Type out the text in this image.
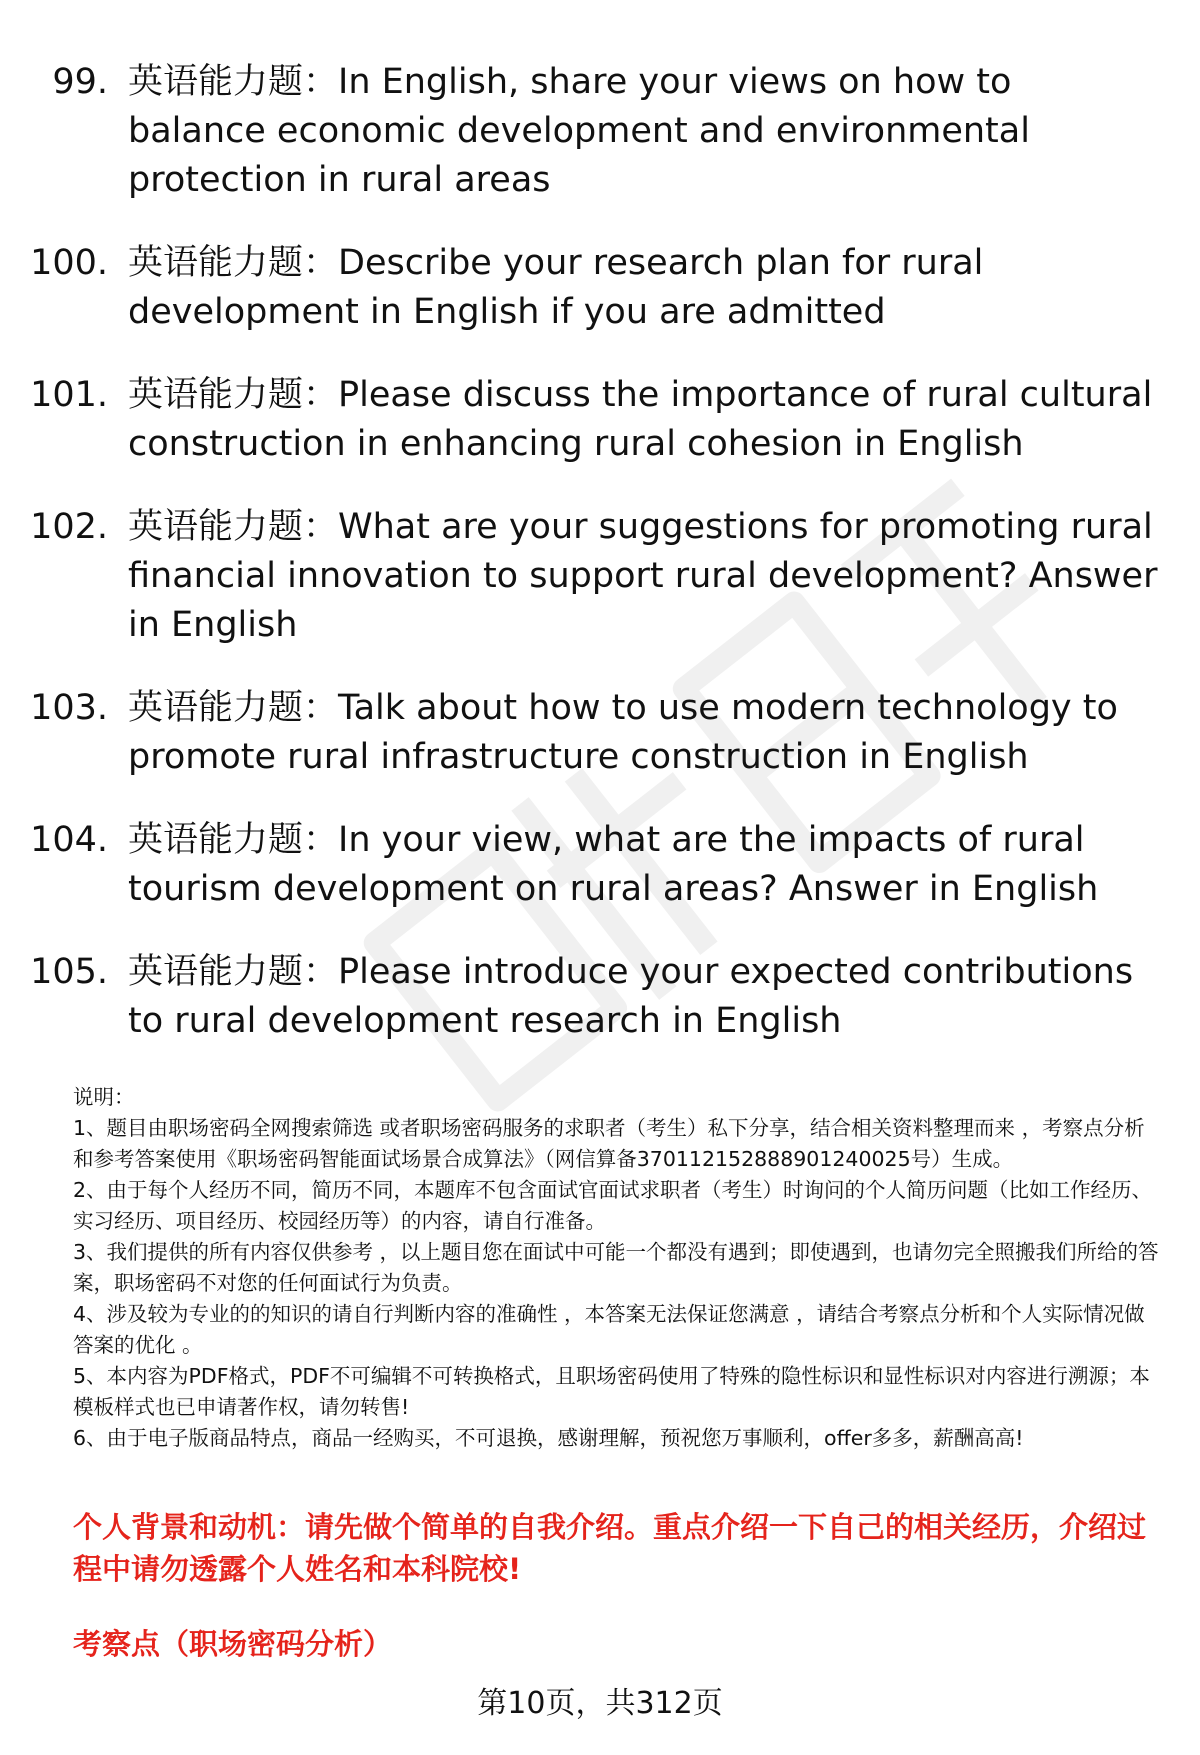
99. 英语能力题：In English, share your views on how to balance economic development and environmental protection in rural areas
100. 英语能力题：Describe your research plan for rural development in English if you are admitted
101. 英语能力题：Please discuss the importance of rural cultural construction in enhancing rural cohesion in English
102. 英语能力题：What are your suggestions for promoting rural financial innovation to support rural development? Answer in English
103. 英语能力题：Talk about how to use modern technology to promote rural infrastructure construction in English
104. 英语能力题：In your view, what are the impacts of rural tourism development on rural areas? Answer in English
105. 英语能力题：Please introduce your expected contributions to rural development research in English

说明：

1、题目由职场密码全网搜索筛选 或者职场密码服务的求职者（考生）私下分享，结合相关资料整理而来 ，考察点分析和参考答案使用《职场密码智能面试场景合成算法》（网信算备370112152888901240025号）生成。

2、由于每个人经历不同，简历不同，本题库不包含面试官面试求职者（考生）时询问的个人简历问题（比如工作经历、实习经历、项目经历、校园经历等）的内容，请自行准备。

3、我们提供的所有内容仅供参考 ，以上题目您在面试中可能一个都没有遇到；即使遇到，也请勿完全照搬我们所给的答案，职场密码不对您的任何面试行为负责。

4、涉及较为专业的的知识的请自行判断内容的准确性 ，本答案无法保证您满意 ，请结合考察点分析和个人实际情况做答案的优化 。

5、本内容为PDF格式，PDF不可编辑不可转换格式，且职场密码使用了特殊的隐性标识和显性标识对内容进行溯源；本模板样式也已申请著作权，请勿转售!

6、由于电子版商品特点，商品一经购买，不可退换，感谢理解，预祝您万事顺利，offer多多，薪酬高高!

个人背景和动机：请先做个简单的自我介绍。重点介绍一下自己的相关经历，介绍过程中请勿透露个人姓名和本科院校!

考察点（职场密码分析）
第10页，共312页
